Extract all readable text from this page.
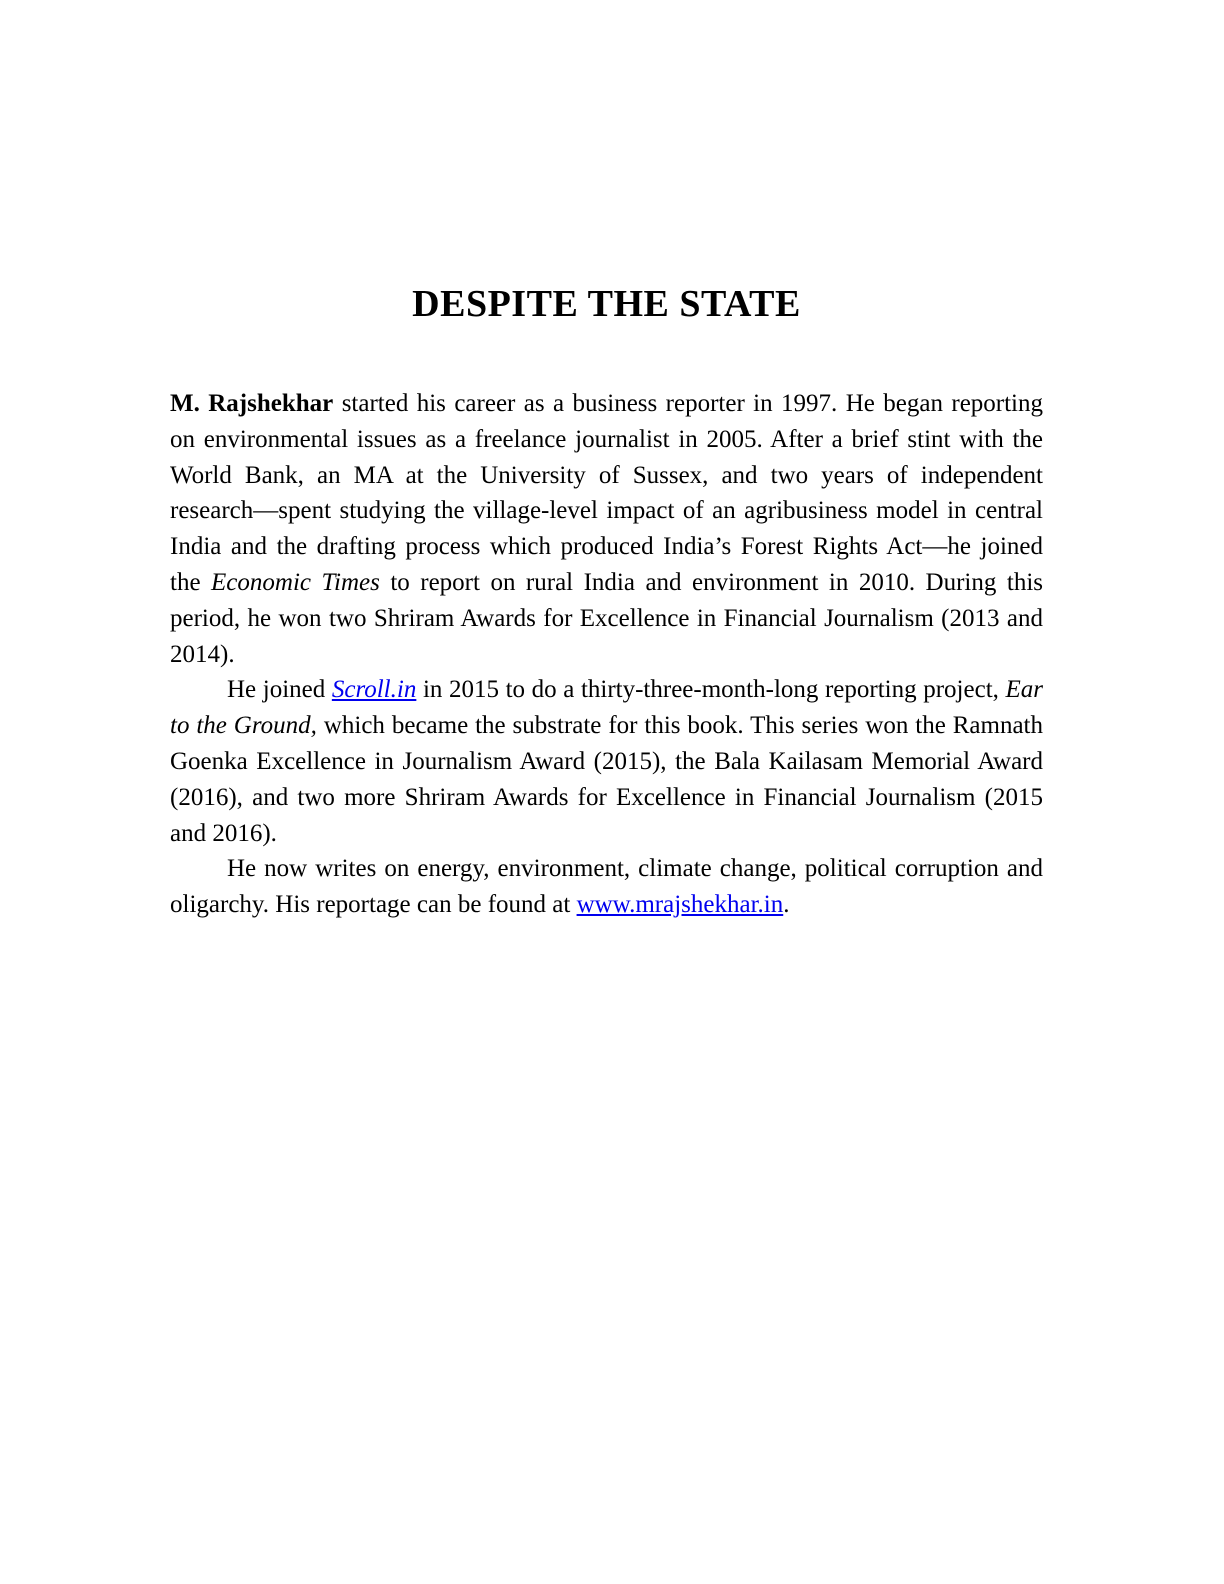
DESPITE THE STATE

M. Rajshekhar started his career as a business reporter in 1997. He began reporting on environmental issues as a freelance journalist in 2005. After a brief stint with the World Bank, an MA at the University of Sussex, and two years of independent research—spent studying the village-level impact of an agribusiness model in central India and the drafting process which produced India’s Forest Rights Act—he joined the Economic Times to report on rural India and environment in 2010. During this period, he won two Shriram Awards for Excellence in Financial Journalism (2013 and 2014).

He joined Scroll.in in 2015 to do a thirty-three-month-long reporting project, Ear to the Ground, which became the substrate for this book. This series won the Ramnath Goenka Excellence in Journalism Award (2015), the Bala Kailasam Memorial Award (2016), and two more Shriram Awards for Excellence in Financial Journalism (2015 and 2016).

He now writes on energy, environment, climate change, political corruption and oligarchy. His reportage can be found at www.mrajshekhar.in.
